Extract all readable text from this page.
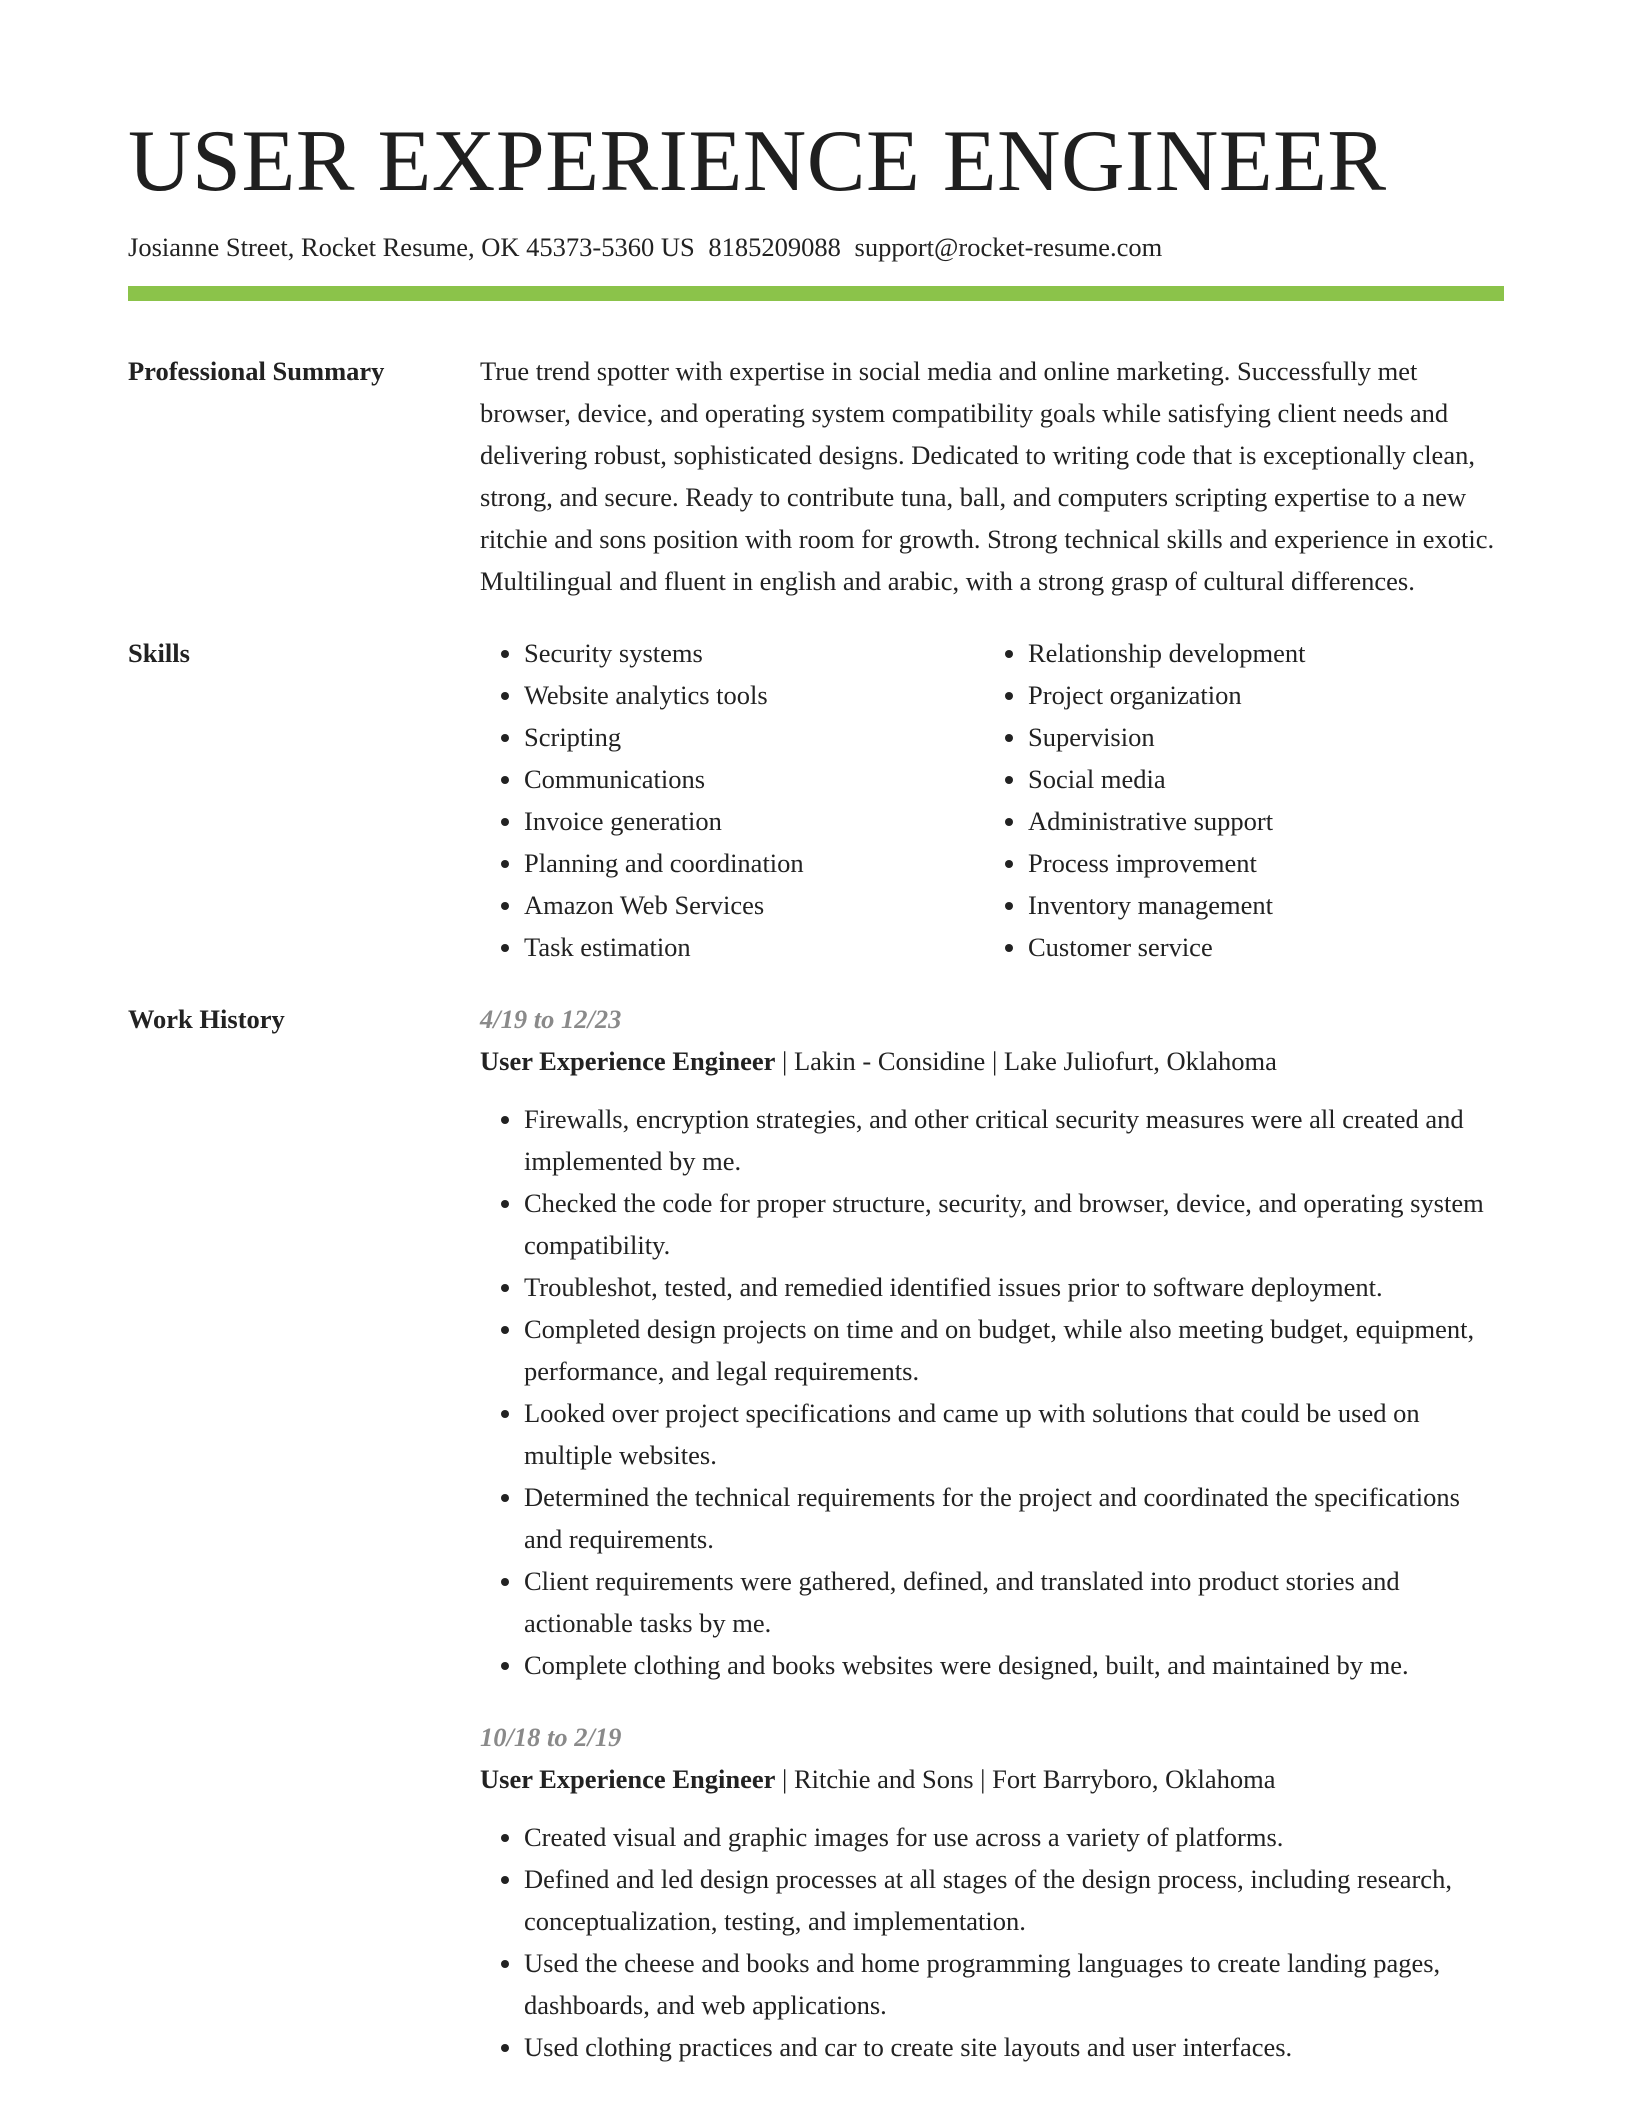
USER EXPERIENCE ENGINEER
Josianne Street, Rocket Resume, OK 45373-5360 US 8185209088 support@rocket-resume.com
Professional Summary	True trend spotter with expertise in social media and online marketing. Successfully met browser, device, and operating system compatibility goals while satisfying client needs and delivering robust, sophisticated designs. Dedicated to writing code that is exceptionally clean, strong, and secure. Ready to contribute tuna, ball, and computers scripting expertise to a new ritchie and sons position with room for growth. Strong technical skills and experience in exotic. Multilingual and fluent in english and arabic, with a strong grasp of cultural differences.
Skills
•	Security systems
• Website analytics tools
• Scripting
• Communications
• Invoice generation
• Planning and coordination
• Amazon Web Services
• Task estimation
• Relationship development
• Project organization
• Supervision
• Social media
• Administrative support
• Process improvement
• Inventory management
• Customer service
Work History	4/19 to 12/23
User Experience Engineer | Lakin - Considine | Lake Juliofurt, Oklahoma
• Firewalls, encryption strategies, and other critical security measures were all created and implemented by me.
• Checked the code for proper structure, security, and browser, device, and operating system compatibility.
• Troubleshot, tested, and remedied identified issues prior to software deployment.
• Completed design projects on time and on budget, while also meeting budget, equipment, performance, and legal requirements.
• Looked over project specifications and came up with solutions that could be used on multiple websites.
• Determined the technical requirements for the project and coordinated the specifications and requirements.
• Client requirements were gathered, defined, and translated into product stories and actionable tasks by me.
• Complete clothing and books websites were designed, built, and maintained by me.
10/18 to 2/19
User Experience Engineer | Ritchie and Sons | Fort Barryboro, Oklahoma
• Created visual and graphic images for use across a variety of platforms.
• Defined and led design processes at all stages of the design process, including research, conceptualization, testing, and implementation.
• Used the cheese and books and home programming languages to create landing pages, dashboards, and web applications.
• Used clothing practices and car to create site layouts and user interfaces.
